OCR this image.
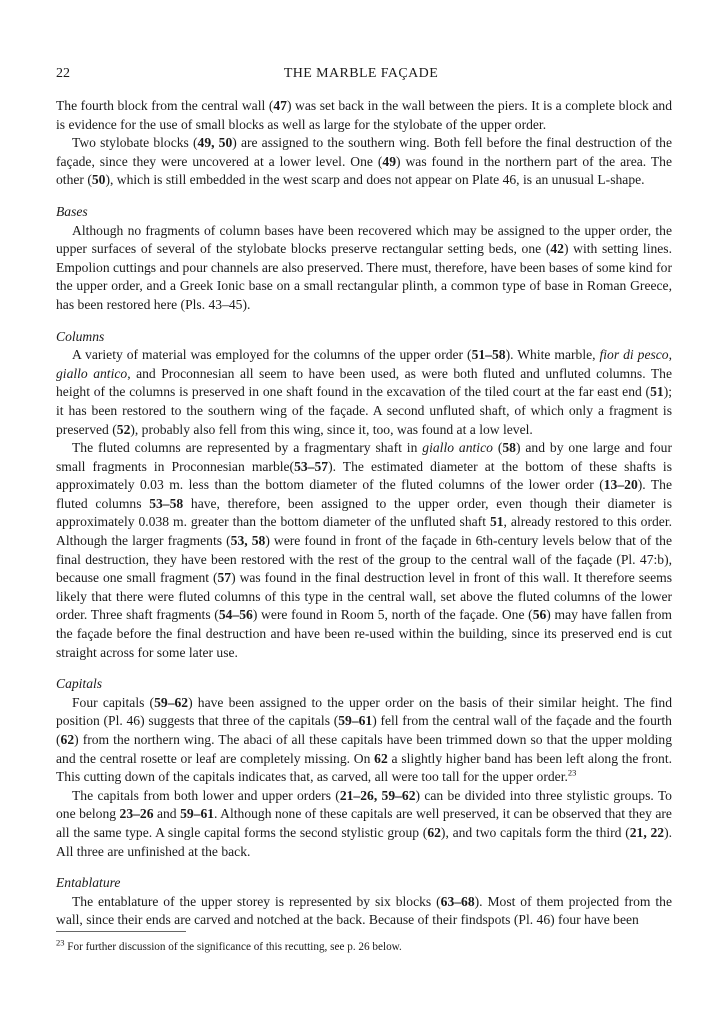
22	THE MARBLE FAÇADE

The fourth block from the central wall (47) was set back in the wall between the piers. It is a complete block and is evidence for the use of small blocks as well as large for the stylobate of the upper order.

Two stylobate blocks (49, 50) are assigned to the southern wing. Both fell before the final destruction of the façade, since they were uncovered at a lower level. One (49) was found in the northern part of the area. The other (50), which is still embedded in the west scarp and does not appear on Plate 46, is an unusual L-shape.

Bases

Although no fragments of column bases have been recovered which may be assigned to the upper order, the upper surfaces of several of the stylobate blocks preserve rectangular setting beds, one (42) with setting lines. Empolion cuttings and pour channels are also preserved. There must, therefore, have been bases of some kind for the upper order, and a Greek Ionic base on a small rectangular plinth, a common type of base in Roman Greece, has been restored here (Pls. 43–45).

Columns

A variety of material was employed for the columns of the upper order (51–58). White marble, fior di pesco, giallo antico, and Proconnesian all seem to have been used, as were both fluted and unfluted columns. The height of the columns is preserved in one shaft found in the excavation of the tiled court at the far east end (51); it has been restored to the southern wing of the façade. A second unfluted shaft, of which only a fragment is preserved (52), probably also fell from this wing, since it, too, was found at a low level.

The fluted columns are represented by a fragmentary shaft in giallo antico (58) and by one large and four small fragments in Proconnesian marble(53–57). The estimated diameter at the bottom of these shafts is approximately 0.03 m. less than the bottom diameter of the fluted columns of the lower order (13–20). The fluted columns 53–58 have, therefore, been assigned to the upper order, even though their diameter is approximately 0.038 m. greater than the bottom diameter of the unfluted shaft 51, already restored to this order. Although the larger fragments (53, 58) were found in front of the façade in 6th-century levels below that of the final destruction, they have been restored with the rest of the group to the central wall of the façade (Pl. 47:b), because one small fragment (57) was found in the final destruction level in front of this wall. It therefore seems likely that there were fluted columns of this type in the central wall, set above the fluted columns of the lower order. Three shaft fragments (54–56) were found in Room 5, north of the façade. One (56) may have fallen from the façade before the final destruction and have been re-used within the building, since its preserved end is cut straight across for some later use.

Capitals

Four capitals (59–62) have been assigned to the upper order on the basis of their similar height. The find position (Pl. 46) suggests that three of the capitals (59–61) fell from the central wall of the façade and the fourth (62) from the northern wing. The abaci of all these capitals have been trimmed down so that the upper molding and the central rosette or leaf are completely missing. On 62 a slightly higher band has been left along the front. This cutting down of the capitals indicates that, as carved, all were too tall for the upper order.$^{23}$

The capitals from both lower and upper orders (21–26, 59–62) can be divided into three stylistic groups. To one belong 23–26 and 59–61. Although none of these capitals are well preserved, it can be observed that they are all the same type. A single capital forms the second stylistic group (62), and two capitals form the third (21, 22). All three are unfinished at the back.

Entablature

The entablature of the upper storey is represented by six blocks (63–68). Most of them projected from the wall, since their ends are carved and notched at the back. Because of their findspots (Pl. 46) four have been

$^{23}$ For further discussion of the significance of this recutting, see p. 26 below.
